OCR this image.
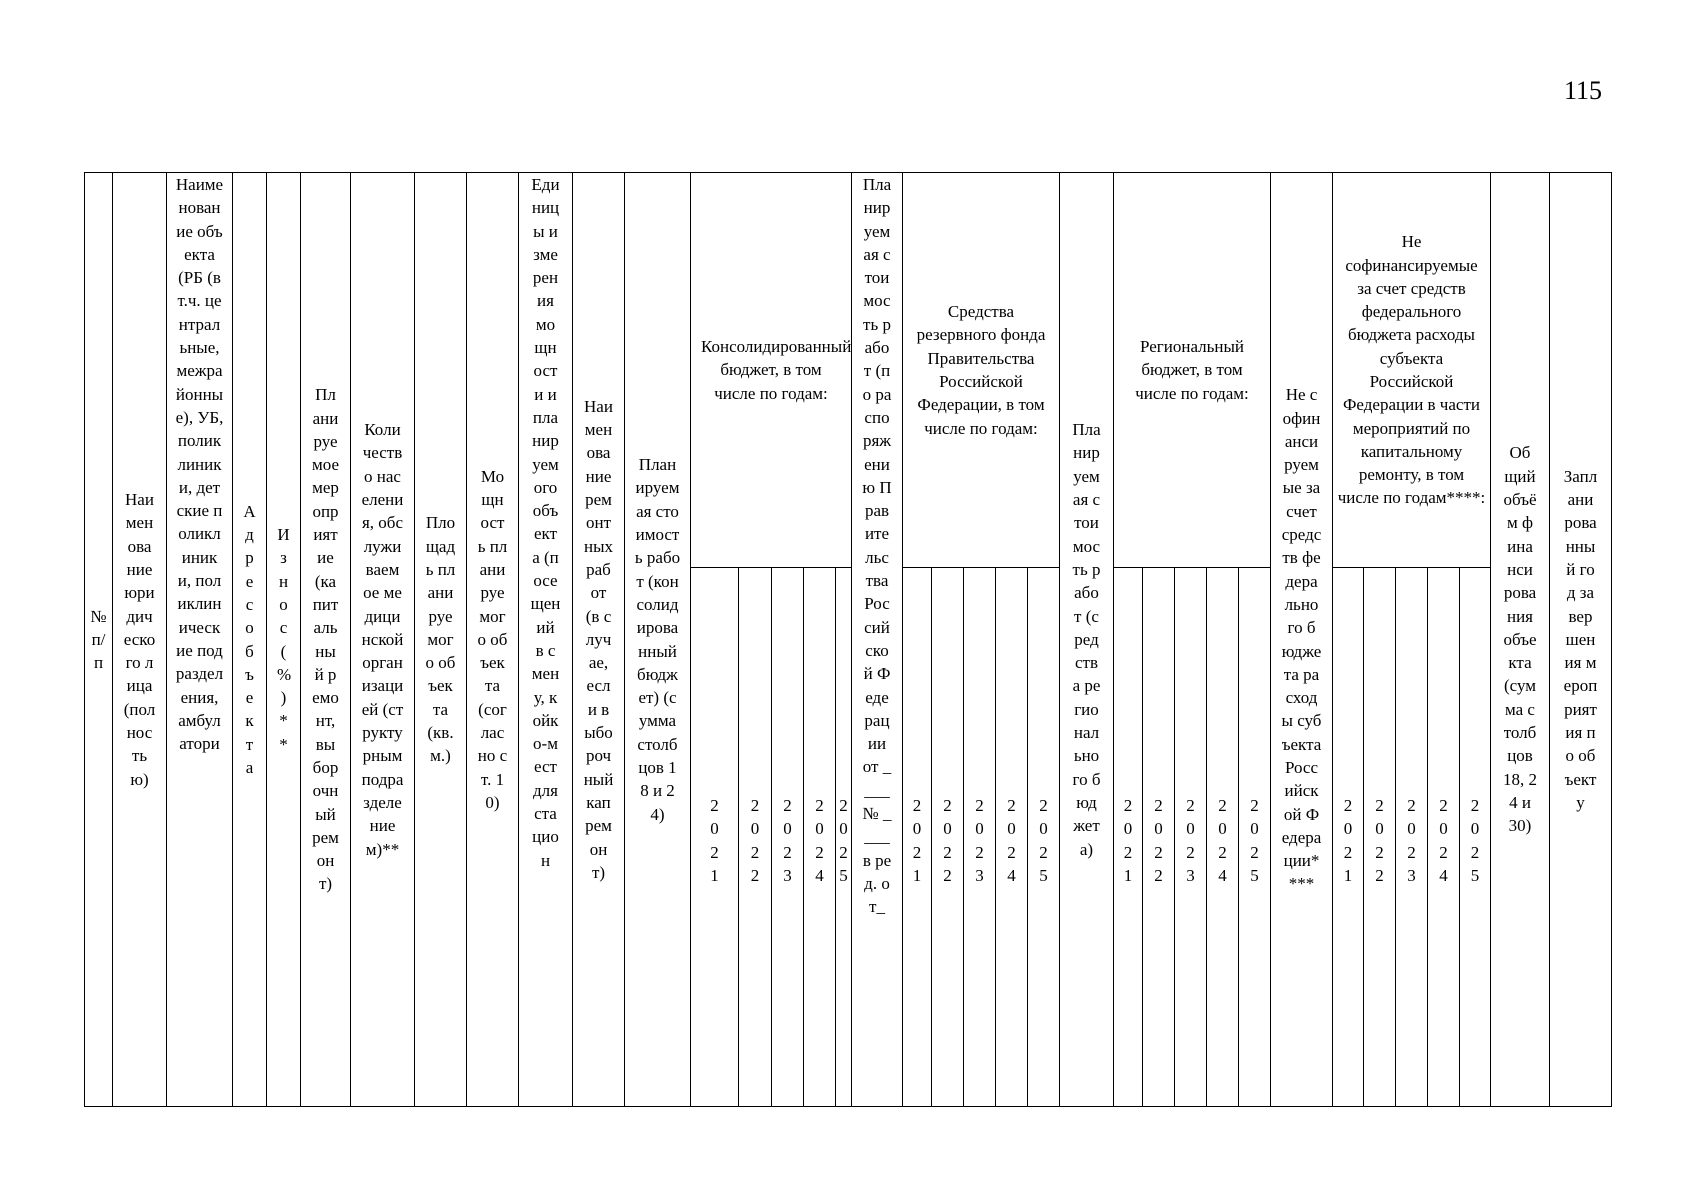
115
№ п/п
Наименование юридического лица (полностью)
Наименование объекта (РБ (в т.ч. центральные, межрайонные), УБ, поликлиники, детские поликлиники, поликлинические подразделения, амбулатори
Адрес объекта
Износ (%)**
Планируемое мероприятие (капитальный ремонт, выборочный ремонт)
Количество населения, обслуживаемое медицинской организацией (структурным подразделением)**
Площадь планируемого объекта (кв.м.)
Мощность планируемого объекта (согласно ст. 10)
Единицы измерения мощности и планируемого объекта (посещений в смену, койко-мест для стацион
Наименование ремонтных работ (в случае, если выборочный капремонт)
Планируемая стоимость работ (консолидированный бюджет) (сумма столбцов 18 и 24)
Планируемая стоимость работ (по распоряжению Правительства Российской Федерации от ____ № ____ в ред. от_
Планируемая стоимость работ (средства регионального бюджета)
Не софинансируемые за счет средств федерального бюджета расходы субъекта Российской Федерации****
Общий объём финансирования объекта (сумма столбцов 18, 24 и 30)
Запланированный год завершения мероприятия по объекту
Консолидированный бюджет, в том числе по годам:
Средства резервного фонда Правительства Российской Федерации, в том числе по годам:
Региональный бюджет, в том числе по годам:
Не софинансируемые за счет средств федерального бюджета расходы субъекта Российской Федерации в части мероприятий по капитальному ремонту, в том числе по годам****:
2021
2022
2023
2024
2025
2021
2022
2023
2024
2025
2021
2022
2023
2024
2025
2021
2022
2023
2024
2025
